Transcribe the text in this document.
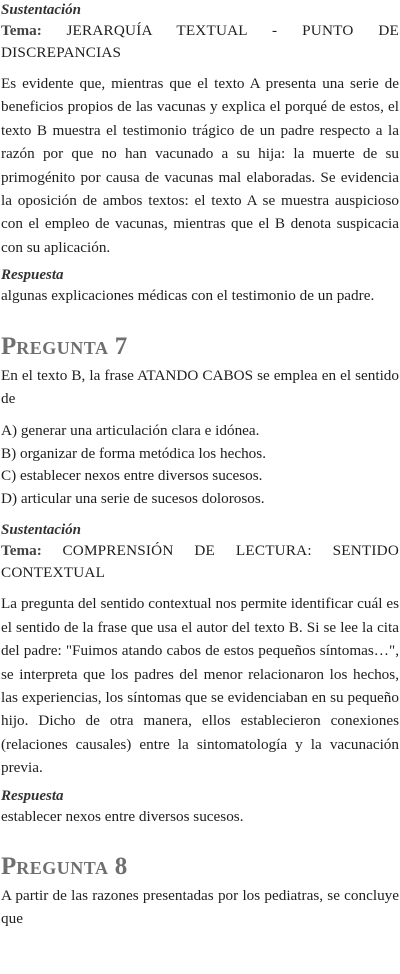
Sustentación
Tema: JERARQUÍA TEXTUAL - PUNTO DE DISCREPANCIAS

Es evidente que, mientras que el texto A presenta una serie de beneficios propios de las vacunas y explica el porqué de estos, el texto B muestra el testimonio trágico de un padre respecto a la razón por que no han vacunado a su hija: la muerte de su primogénito por causa de vacunas mal elaboradas. Se evidencia la oposición de ambos textos: el texto A se muestra auspicioso con el empleo de vacunas, mientras que el B denota suspicacia con su aplicación.

Respuesta

algunas explicaciones médicas con el testimonio de un padre.

PREGUNTA 7

En el texto B, la frase ATANDO CABOS se emplea en el sentido de

A) generar una articulación clara e idónea.
B) organizar de forma metódica los hechos.
C) establecer nexos entre diversos sucesos.
D) articular una serie de sucesos dolorosos.
Sustentación
Tema: COMPRENSIÓN DE LECTURA: SENTIDO CONTEXTUAL

La pregunta del sentido contextual nos permite identificar cuál es el sentido de la frase que usa el autor del texto B. Si se lee la cita del padre: "Fuimos atando cabos de estos pequeños síntomas…", se interpreta que los padres del menor relacionaron los hechos, las experiencias, los síntomas que se evidenciaban en su pequeño hijo. Dicho de otra manera, ellos establecieron conexiones (relaciones causales) entre la sintomatología y la vacunación previa.

Respuesta

establecer nexos entre diversos sucesos.

PREGUNTA 8

A partir de las razones presentadas por los pediatras, se concluye que
